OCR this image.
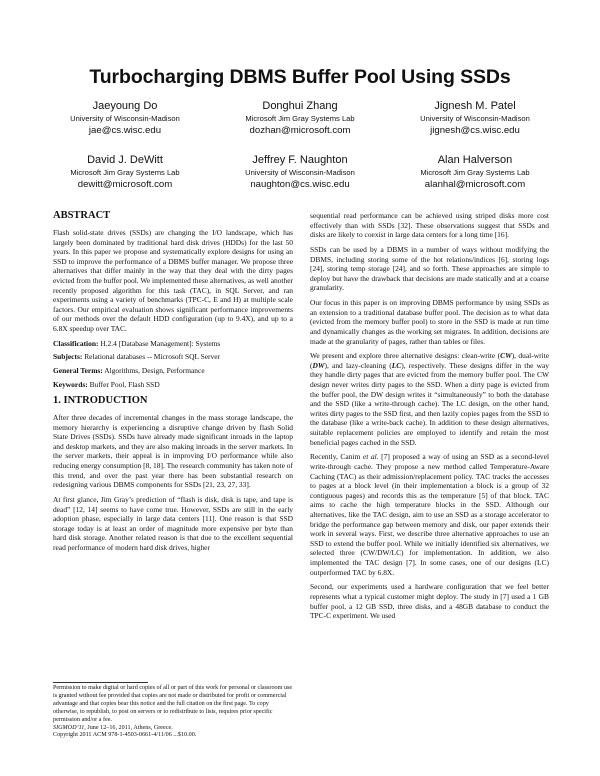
Turbocharging DBMS Buffer Pool Using SSDs
Jaeyoung Do
University of Wisconsin-Madison
jae@cs.wisc.edu
Donghui Zhang
Microsoft Jim Gray Systems Lab
dozhan@microsoft.com
Jignesh M. Patel
University of Wisconsin-Madison
jignesh@cs.wisc.edu
David J. DeWitt
Microsoft Jim Gray Systems Lab
dewitt@microsoft.com
Jeffrey F. Naughton
University of Wisconsin-Madison
naughton@cs.wisc.edu
Alan Halverson
Microsoft Jim Gray Systems Lab
alanhal@microsoft.com
ABSTRACT

Flash solid-state drives (SSDs) are changing the I/O landscape, which has largely been dominated by traditional hard disk drives (HDDs) for the last 50 years. In this paper we propose and systematically explore designs for using an SSD to improve the performance of a DBMS buffer manager. We propose three alternatives that differ mainly in the way that they deal with the dirty pages evicted from the buffer pool. We implemented these alternatives, as well another recently proposed algorithm for this task (TAC), in SQL Server, and ran experiments using a variety of benchmarks (TPC-C, E and H) at multiple scale factors. Our empirical evaluation shows significant performance improvements of our methods over the default HDD configuration (up to 9.4X), and up to a 6.8X speedup over TAC.

Classification: H.2.4 [Database Management]: Systems
Subjects: Relational databases -- Microsoft SQL Server
General Terms: Algorithms, Design, Performance
Keywords: Buffer Pool, Flash SSD
1. INTRODUCTION

After three decades of incremental changes in the mass storage landscape, the memory hierarchy is experiencing a disruptive change driven by flash Solid State Drives (SSDs). SSDs have already made significant inroads in the laptop and desktop markets, and they are also making inroads in the server markets. In the server markets, their appeal is in improving I/O performance while also reducing energy consumption [8, 18]. The research community has taken note of this trend, and over the past year there has been substantial research on redesigning various DBMS components for SSDs [21, 23, 27, 33].

At first glance, Jim Gray’s prediction of “flash is disk, disk is tape, and tape is dead” [12, 14] seems to have come true. However, SSDs are still in the early adoption phase, especially in large data centers [11]. One reason is that SSD storage today is at least an order of magnitude more expensive per byte than hard disk storage. Another related reason is that due to the excellent sequential read performance of modern hard disk drives, higher

Permission to make digital or hard copies of all or part of this work for personal or classroom use is granted without fee provided that copies are not made or distributed for profit or commercial advantage and that copies bear this notice and the full citation on the first page. To copy otherwise, to republish, to post on servers or to redistribute to lists, requires prior specific permission and/or a fee.

SIGMOD’11, June 12–16, 2011, Athens, Greece.

Copyright 2011 ACM 978-1-4503-0661-4/11/06 ...$10.00.

sequential read performance can be achieved using striped disks more cost effectively than with SSDs [32]. These observations suggest that SSDs and disks are likely to coexist in large data centers for a long time [16].

SSDs can be used by a DBMS in a number of ways without modifying the DBMS, including storing some of the hot relations/indices [6], storing logs [24], storing temp storage [24], and so forth. These approaches are simple to deploy but have the drawback that decisions are made statically and at a coarse granularity.

Our focus in this paper is on improving DBMS performance by using SSDs as an extension to a traditional database buffer pool. The decision as to what data (evicted from the memory buffer pool) to store in the SSD is made at run time and dynamically changes as the working set migrates. In addition, decisions are made at the granularity of pages, rather than tables or files.

We present and explore three alternative designs: clean-write (CW), dual-write (DW), and lazy-cleaning (LC), respectively. These designs differ in the way they handle dirty pages that are evicted from the memory buffer pool. The CW design never writes dirty pages to the SSD. When a dirty page is evicted from the buffer pool, the DW design writes it “simultaneously” to both the database and the SSD (like a write-through cache). The LC design, on the other hand, writes dirty pages to the SSD first, and then lazily copies pages from the SSD to the database (like a write-back cache). In addition to these design alternatives, suitable replacement policies are employed to identify and retain the most beneficial pages cached in the SSD.

Recently, Canim et al. [7] proposed a way of using an SSD as a second-level write-through cache. They propose a new method called Temperature-Aware Caching (TAC) as their admission/replacement policy. TAC tracks the accesses to pages at a block level (in their implementation a block is a group of 32 contiguous pages) and records this as the temperature [5] of that block. TAC aims to cache the high temperature blocks in the SSD. Although our alternatives, like the TAC design, aim to use an SSD as a storage accelerator to bridge the performance gap between memory and disk, our paper extends their work in several ways. First, we describe three alternative approaches to use an SSD to extend the buffer pool. While we initially identified six alternatives, we selected three (CW/DW/LC) for implementation. In addition, we also implemented the TAC design [7]. In some cases, one of our designs (LC) outperformed TAC by 6.8X.

Second, our experiments used a hardware configuration that we feel better represents what a typical customer might deploy. The study in [7] used a 1 GB buffer pool, a 12 GB SSD, three disks, and a 48GB database to conduct the TPC-C experiment. We used
